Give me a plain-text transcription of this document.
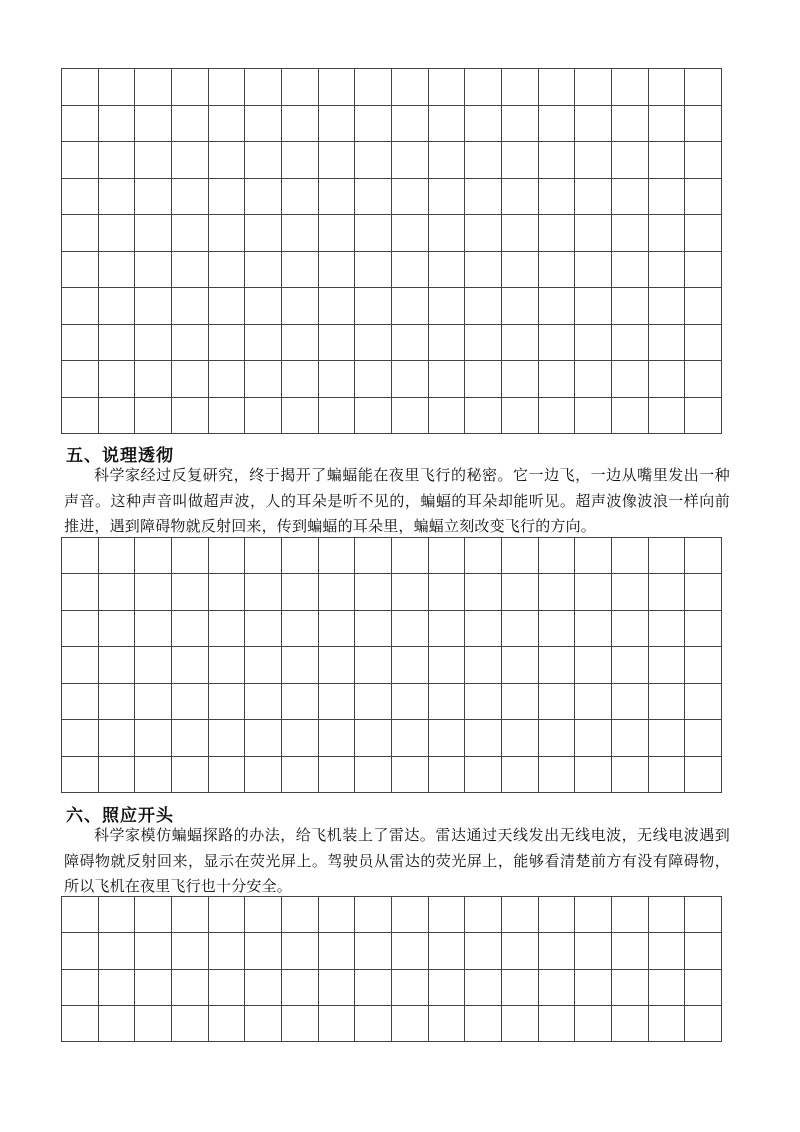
五、说理透彻

科学家经过反复研究，终于揭开了蝙蝠能在夜里飞行的秘密。它一边飞，一边从嘴里发出一种声音。这种声音叫做超声波，人的耳朵是听不见的，蝙蝠的耳朵却能听见。超声波像波浪一样向前推进，遇到障碍物就反射回来，传到蝙蝠的耳朵里，蝙蝠立刻改变飞行的方向。

六、照应开头

科学家模仿蝙蝠探路的办法，给飞机装上了雷达。雷达通过天线发出无线电波，无线电波遇到障碍物就反射回来，显示在荧光屏上。驾驶员从雷达的荧光屏上，能够看清楚前方有没有障碍物，所以飞机在夜里飞行也十分安全。
